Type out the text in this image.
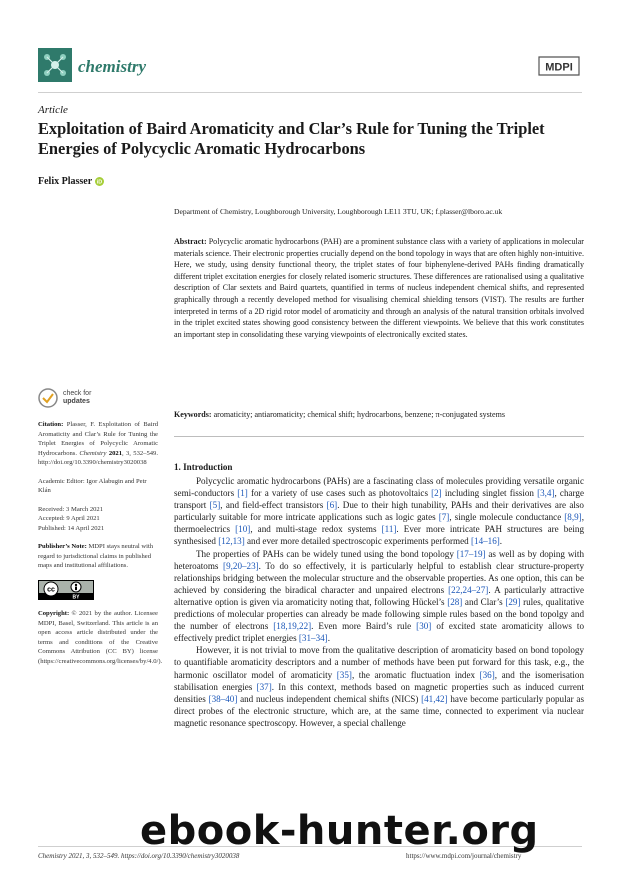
chemistry	MDPI
Article
Exploitation of Baird Aromaticity and Clar’s Rule for Tuning the Triplet Energies of Polycyclic Aromatic Hydrocarbons
Felix Plasser iD
Department of Chemistry, Loughborough University, Loughborough LE11 3TU, UK; f.plasser@lboro.ac.uk
Abstract: Polycyclic aromatic hydrocarbons (PAH) are a prominent substance class with a variety of applications in molecular materials science. Their electronic properties crucially depend on the bond topology in ways that are often highly non-intuitive. Here, we study, using density functional theory, the triplet states of four biphenylene-derived PAHs finding dramatically different triplet excitation energies for closely related isomeric structures. These differences are rationalised using a qualitative description of Clar sextets and Baird quartets, quantified in terms of nucleus independent chemical shifts, and represented graphically through a recently developed method for visualising chemical shielding tensors (VIST). The results are further interpreted in terms of a 2D rigid rotor model of aromaticity and through an analysis of the natural transition orbitals involved in the triplet excited states showing good consistency between the different viewpoints. We believe that this work constitutes an important step in consolidating these varying viewpoints of electronically excited states.
Keywords: aromaticity; antiaromaticity; chemical shift; hydrocarbons, benzene; π-conjugated systems
check for
updates
Citation: Plasser, F. Exploitation of Baird Aromaticity and Clar’s Rule for Tuning the Triplet Energies of Polycyclic Aromatic Hydrocarbons. Chemistry 2021, 3, 532–549. http://doi.org/10.3390/chemistry3020038
Academic Editor: Igor Alabugin and Petr Klán
Received: 3 March 2021
Accepted: 9 April 2021
Published: 14 April 2021
Publisher’s Note: MDPI stays neutral with regard to jurisdictional claims in published maps and institutional affiliations.
cc
BY
Copyright: © 2021 by the author. Licensee MDPI, Basel, Switzerland. This article is an open access article distributed under the terms and conditions of the Creative Commons Attribution (CC BY) license (https://creativecommons.org/licenses/by/4.0/).
1. Introduction

Polycyclic aromatic hydrocarbons (PAHs) are a fascinating class of molecules providing versatile organic semi-conductors [1] for a variety of use cases such as photovoltaics [2] including singlet fission [3,4], charge transport [5], and field-effect transistors [6]. Due to their high tunability, PAHs and their derivatives are also particularly suitable for more intricate applications such as logic gates [7], single molecule conductance [8,9], thermoelectrics [10], and multi-stage redox systems [11]. Ever more intricate PAH structures are being synthesised [12,13] and ever more detailed spectroscopic experiments performed [14–16].

The properties of PAHs can be widely tuned using the bond topology [17–19] as well as by doping with heteroatoms [9,20–23]. To do so effectively, it is particularly helpful to establish clear structure-property relationships bridging between the molecular structure and the observable properties. As one option, this can be achieved by considering the biradical character and unpaired electrons [22,24–27]. A particularly attractive alternative option is given via aromaticity noting that, following Hückel’s [28] and Clar’s [29] rules, qualitative predictions of molecular properties can already be made following simple rules based on the bond topolgy and the number of electrons [18,19,22]. Even more Baird’s rule [30] of excited state aromaticity allows to effectively predict triplet energies [31–34].

However, it is not trivial to move from the qualitative description of aromaticity based on bond topology to quantifiable aromaticity descriptors and a number of methods have been put forward for this task, e.g., the harmonic oscillator model of aromaticity [35], the aromatic fluctuation index [36], and the isomerisation stabilisation energies [37]. In this context, methods based on magnetic properties such as induced current densities [38–40] and nucleus independent chemical shifts (NICS) [41,42] have become particularly popular as direct probes of the electronic structure, which are, at the same time, connected to experiment via nuclear magnetic resonance spectroscopy. However, a special challenge

Chemistry 2021, 3, 532–549. https://doi.org/10.3390/chemistry3020038	https://www.mdpi.com/journal/chemistry
ebook-hunter.org
